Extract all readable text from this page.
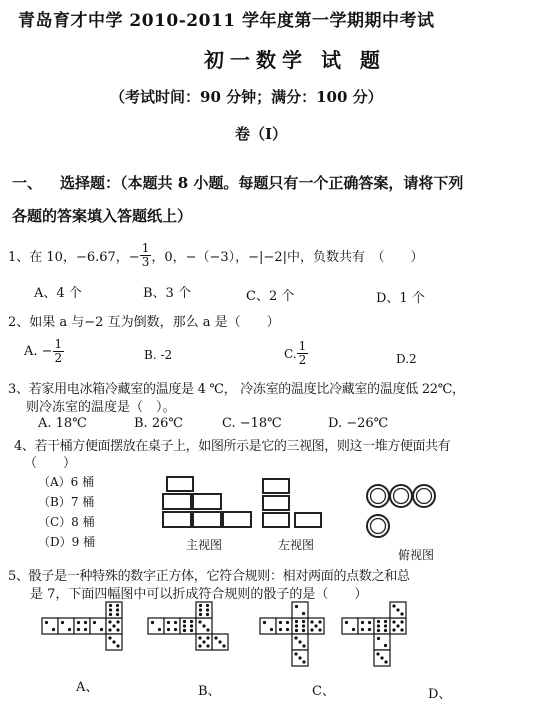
青岛育才中学 2010-2011 学年度第一学期期中考试
初一数学 试 题
（考试时间：90 分钟；满分：100 分）
卷（Ⅰ）
一、 选择题：（本题共 8 小题。每题只有一个正确答案，请将下列
各题的答案填入答题纸上）
1、在 10，−6.67，− $\frac{1}{3}$ ，0，−（−3），−|−2|中，负数共有　（　　）
A、4 个	B、3 个	C、2 个	D、1 个
2、如果 a 与−2 互为倒数，那么 a 是（　　）
A. − $\frac{1}{2}$	B. -2	C. $\frac{1}{2}$	D.2
3、若家用电冰箱冷藏室的温度是 4 ℃， 冷冻室的温度比冷藏室的温度低 22℃，
则冷冻室的温度是（　）。
A. 18℃	B. 26℃	C. −18℃	D. −26℃
4、若干桶方便面摆放在桌子上，如图所示是它的三视图，则这一堆方便面共有
（　　）
（A）6 桶
（B）7 桶
（C）8 桶
（D）9 桶	主视图	左视图
俯视图
5、骰子是一种特殊的数字正方体，它符合规则：相对两面的点数之和总
是 7，下面四幅图中可以折成符合规则的骰子的是（　　）
A、	B、	C、	D、
